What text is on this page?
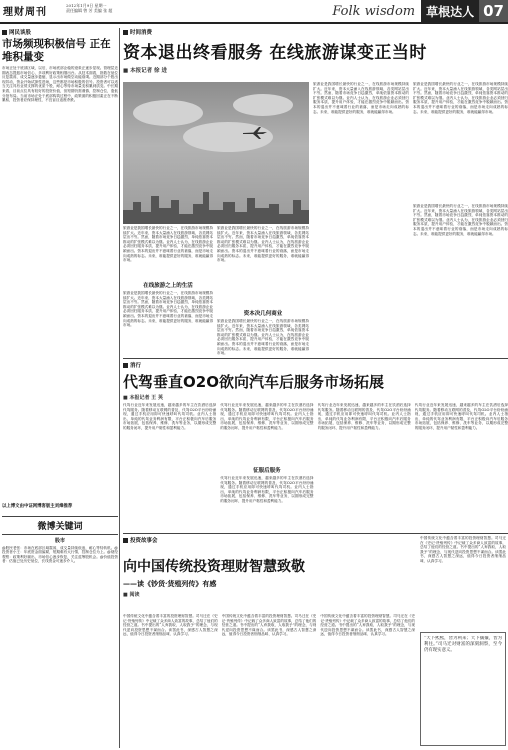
理财周刊
2012年1月9日 星期一
责任编辑 曾 芳 美编 张 超	Folk wisdom 草根达人 07
网民谈股
市场频现积极信号 正在堆积量变
市场正处于底部区域，以后，市场底部企稳的迹象正逐步显现。管理层近期表态提振市场信心，多项利好政策相继出台。从技术面看，指数在低位反复震荡，成交量逐步萎缩，显示出市场做空动能衰竭。近期部分个股出现异动，资金开始试探性进场，这些都是市场积极的信号。投资者可以适当关注具有业绩支撑的优质个股，耐心等待市场量变积累到质变。中长期来看，目前点位具有较好的投资价值，但短期仍需谨慎，控制仓位，逢低分批布局。当前市场正处于底部构筑过程中，政策面的积极因素正在不断累积，投资者应保持理性，不宜盲目追涨杀跌。
以上博文由中证网博客版主刘烽推荐
微博关键词
股市
@股民老张：市场在底部区域震荡，成交量持续低迷，耐心等待转机。@投资者小王：年底资金面偏紧，短期难有大行情，控制仓位为上。@财经观察：政策利好频出，市场信心逐步恢复，关注蓝筹股机会。@价值投资者：估值已处历史低位，长线资金可逐步介入。
时间消费
资本退出终看服务 在线旅游谋变正当时
■ 本报记者 徐 进
旅游业是我国增长最快的行业之一，在线旅游市场规模持续扩大。近年来，资本大量涌入在线旅游领域，各类网站层出不穷。然而，随着市场竞争日趋激烈，单纯依靠资本推动的扩张模式难以为继。业内人士认为，在线旅游企业必须回归服务本质，提升用户体验，才能在激烈竞争中脱颖而出。资本的退出并不意味着行业的衰落，而是市场走向成熟的标志。未来，谁能提供更好的服务，谁就能赢得市场。
旅游业是我国增长最快的行业之一，在线旅游市场规模持续扩大。近年来，资本大量涌入在线旅游领域，各类网站层出不穷。然而，随着市场竞争日趋激烈，单纯依靠资本推动的扩张模式难以为继。业内人士认为，在线旅游企业必须回归服务本质，提升用户体验，才能在激烈竞争中脱颖而出。资本的退出并不意味着行业的衰落，而是市场走向成熟的标志。未来，谁能提供更好的服务，谁就能赢得市场。
旅游业是我国增长最快的行业之一，在线旅游市场规模持续扩大。近年来，资本大量涌入在线旅游领域，各类网站层出不穷。然而，随着市场竞争日趋激烈，单纯依靠资本推动的扩张模式难以为继。业内人士认为，在线旅游企业必须回归服务本质，提升用户体验，才能在激烈竞争中脱颖而出。资本的退出并不意味着行业的衰落，而是市场走向成熟的标志。未来，谁能提供更好的服务，谁就能赢得市场。
旅游业是我国增长最快的行业之一，在线旅游市场规模持续扩大。近年来，资本大量涌入在线旅游领域，各类网站层出不穷。然而，随着市场竞争日趋激烈，单纯依靠资本推动的扩张模式难以为继。业内人士认为，在线旅游企业必须回归服务本质，提升用户体验，才能在激烈竞争中脱颖而出。资本的退出并不意味着行业的衰落，而是市场走向成熟的标志。未来，谁能提供更好的服务，谁就能赢得市场。
在线旅游之上的生活
旅游业是我国增长最快的行业之一，在线旅游市场规模持续扩大。近年来，资本大量涌入在线旅游领域，各类网站层出不穷。然而，随着市场竞争日趋激烈，单纯依靠资本推动的扩张模式难以为继。业内人士认为，在线旅游企业必须回归服务本质，提升用户体验，才能在激烈竞争中脱颖而出。资本的退出并不意味着行业的衰落，而是市场走向成熟的标志。未来，谁能提供更好的服务，谁就能赢得市场。
旅游业是我国增长最快的行业之一，在线旅游市场规模持续扩大。近年来，资本大量涌入在线旅游领域，各类网站层出不穷。然而，随着市场竞争日趋激烈，单纯依靠资本推动的扩张模式难以为继。业内人士认为，在线旅游企业必须回归服务本质，提升用户体验，才能在激烈竞争中脱颖而出。资本的退出并不意味着行业的衰落，而是市场走向成熟的标志。未来，谁能提供更好的服务，谁就能赢得市场。
资本决几何商业
旅游业是我国增长最快的行业之一，在线旅游市场规模持续扩大。近年来，资本大量涌入在线旅游领域，各类网站层出不穷。然而，随着市场竞争日趋激烈，单纯依靠资本推动的扩张模式难以为继。业内人士认为，在线旅游企业必须回归服务本质，提升用户体验，才能在激烈竞争中脱颖而出。资本的退出并不意味着行业的衰落，而是市场走向成熟的标志。未来，谁能提供更好的服务，谁就能赢得市场。
消行
代驾垂直O2O欲向汽车后服务市场拓展
■ 本报记者 王 英
代驾行业近年来发展迅速，越来越多的车主在饮酒后选择代驾服务。随着移动互联网的普及，代驾O2O平台纷纷涌现，通过手机应用即可快速呼叫代驾司机。业内人士指出，单纯的代驾业务利润有限，平台正积极向汽车后服务市场拓展，包括保养、维修、洗车等业务，以期形成完整的服务闭环，提升用户黏性和盈利能力。
代驾行业近年来发展迅速，越来越多的车主在饮酒后选择代驾服务。随着移动互联网的普及，代驾O2O平台纷纷涌现，通过手机应用即可快速呼叫代驾司机。业内人士指出，单纯的代驾业务利润有限，平台正积极向汽车后服务市场拓展，包括保养、维修、洗车等业务，以期形成完整的服务闭环，提升用户黏性和盈利能力。
征服后服务
代驾行业近年来发展迅速，越来越多的车主在饮酒后选择代驾服务。随着移动互联网的普及，代驾O2O平台纷纷涌现，通过手机应用即可快速呼叫代驾司机。业内人士指出，单纯的代驾业务利润有限，平台正积极向汽车后服务市场拓展，包括保养、维修、洗车等业务，以期形成完整的服务闭环，提升用户黏性和盈利能力。
代驾行业近年来发展迅速，越来越多的车主在饮酒后选择代驾服务。随着移动互联网的普及，代驾O2O平台纷纷涌现，通过手机应用即可快速呼叫代驾司机。业内人士指出，单纯的代驾业务利润有限，平台正积极向汽车后服务市场拓展，包括保养、维修、洗车等业务，以期形成完整的服务闭环，提升用户黏性和盈利能力。
代驾行业近年来发展迅速，越来越多的车主在饮酒后选择代驾服务。随着移动互联网的普及，代驾O2O平台纷纷涌现，通过手机应用即可快速呼叫代驾司机。业内人士指出，单纯的代驾业务利润有限，平台正积极向汽车后服务市场拓展，包括保养、维修、洗车等业务，以期形成完整的服务闭环，提升用户黏性和盈利能力。
投资故事会
向中国传统投资理财智慧致敬
——读《钞货·货殖列传》有感
■ 阅读
中国传统文化中蕴含着丰富的投资理财智慧。司马迁在《史记·货殖列传》中记载了众多商人致富的故事，总结了他们的经营之道。书中提出的“人弃我取，人取我予”的理念，与现代逆向投资思想不谋而合。读罢此书，深感古人智慧之深远，值得今日投资者细细品味、认真学习。
中国传统文化中蕴含着丰富的投资理财智慧。司马迁在《史记·货殖列传》中记载了众多商人致富的故事，总结了他们的经营之道。书中提出的“人弃我取，人取我予”的理念，与现代逆向投资思想不谋而合。读罢此书，深感古人智慧之深远，值得今日投资者细细品味、认真学习。
中国传统文化中蕴含着丰富的投资理财智慧。司马迁在《史记·货殖列传》中记载了众多商人致富的故事，总结了他们的经营之道。书中提出的“人弃我取，人取我予”的理念，与现代逆向投资思想不谋而合。读罢此书，深感古人智慧之深远，值得今日投资者细细品味、认真学习。
中国传统文化中蕴含着丰富的投资理财智慧。司马迁在《史记·货殖列传》中记载了众多商人致富的故事，总结了他们的经营之道。书中提出的“人弃我取，人取我予”的理念，与现代逆向投资思想不谋而合。读罢此书，深感古人智慧之深远，值得今日投资者细细品味、认真学习。
“天下熙熙，皆为利来；天下攘攘，皆为利往。”司马迁对财富的深刻洞察，至今仍有现实意义。
